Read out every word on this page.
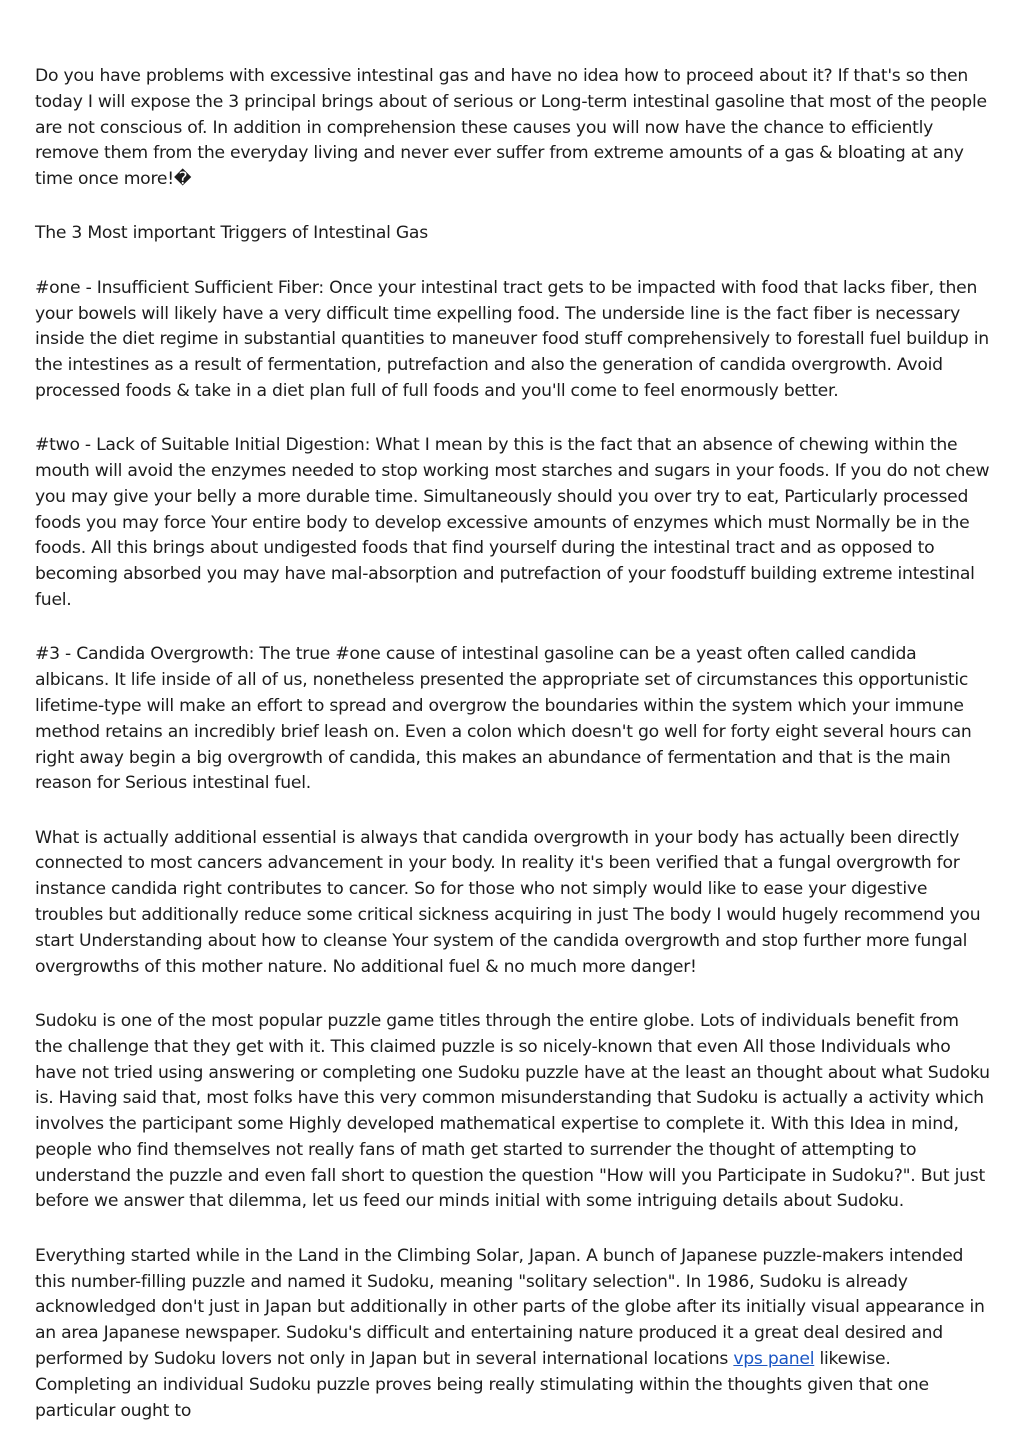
Do you have problems with excessive intestinal gas and have no idea how to proceed about it? If that's so then today I will expose the 3 principal brings about of serious or Long-term intestinal gasoline that most of the people are not conscious of. In addition in comprehension these causes you will now have the chance to efficiently remove them from the everyday living and never ever suffer from extreme amounts of a gas & bloating at any time once more!�

The 3 Most important Triggers of Intestinal Gas

#one - Insufficient Sufficient Fiber: Once your intestinal tract gets to be impacted with food that lacks fiber, then your bowels will likely have a very difficult time expelling food. The underside line is the fact fiber is necessary inside the diet regime in substantial quantities to maneuver food stuff comprehensively to forestall fuel buildup in the intestines as a result of fermentation, putrefaction and also the generation of candida overgrowth. Avoid processed foods & take in a diet plan full of full foods and you'll come to feel enormously better.

#two - Lack of Suitable Initial Digestion: What I mean by this is the fact that an absence of chewing within the mouth will avoid the enzymes needed to stop working most starches and sugars in your foods. If you do not chew you may give your belly a more durable time. Simultaneously should you over try to eat, Particularly processed foods you may force Your entire body to develop excessive amounts of enzymes which must Normally be in the foods. All this brings about undigested foods that find yourself during the intestinal tract and as opposed to becoming absorbed you may have mal-absorption and putrefaction of your foodstuff building extreme intestinal fuel.

#3 - Candida Overgrowth: The true #one cause of intestinal gasoline can be a yeast often called candida albicans. It life inside of all of us, nonetheless presented the appropriate set of circumstances this opportunistic lifetime-type will make an effort to spread and overgrow the boundaries within the system which your immune method retains an incredibly brief leash on. Even a colon which doesn't go well for forty eight several hours can right away begin a big overgrowth of candida, this makes an abundance of fermentation and that is the main reason for Serious intestinal fuel.

What is actually additional essential is always that candida overgrowth in your body has actually been directly connected to most cancers advancement in your body. In reality it's been verified that a fungal overgrowth for instance candida right contributes to cancer. So for those who not simply would like to ease your digestive troubles but additionally reduce some critical sickness acquiring in just The body I would hugely recommend you start Understanding about how to cleanse Your system of the candida overgrowth and stop further more fungal overgrowths of this mother nature. No additional fuel & no much more danger!

Sudoku is one of the most popular puzzle game titles through the entire globe. Lots of individuals benefit from the challenge that they get with it. This claimed puzzle is so nicely-known that even All those Individuals who have not tried using answering or completing one Sudoku puzzle have at the least an thought about what Sudoku is. Having said that, most folks have this very common misunderstanding that Sudoku is actually a activity which involves the participant some Highly developed mathematical expertise to complete it. With this Idea in mind, people who find themselves not really fans of math get started to surrender the thought of attempting to understand the puzzle and even fall short to question the question "How will you Participate in Sudoku?". But just before we answer that dilemma, let us feed our minds initial with some intriguing details about Sudoku.

Everything started while in the Land in the Climbing Solar, Japan. A bunch of Japanese puzzle-makers intended this number-filling puzzle and named it Sudoku, meaning "solitary selection". In 1986, Sudoku is already acknowledged don't just in Japan but additionally in other parts of the globe after its initially visual appearance in an area Japanese newspaper. Sudoku's difficult and entertaining nature produced it a great deal desired and performed by Sudoku lovers not only in Japan but in several international locations vps panel likewise. Completing an individual Sudoku puzzle proves being really stimulating within the thoughts given that one particular ought to
